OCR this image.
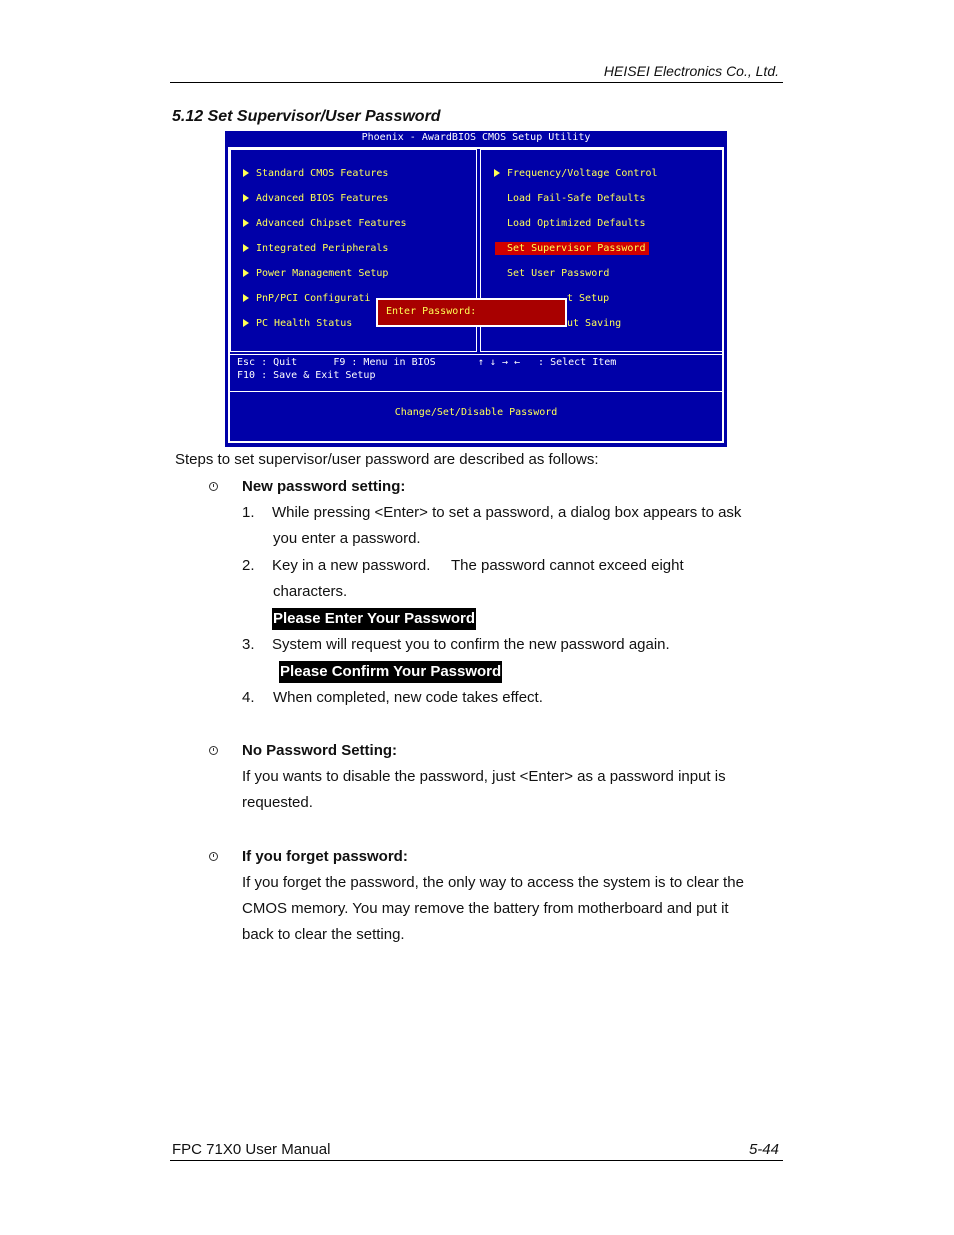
HEISEI Electronics Co., Ltd.
5.12 Set Supervisor/User Password
Phoenix - AwardBIOS CMOS Setup Utility
Standard CMOS Features
Advanced BIOS Features
Advanced Chipset Features
Integrated Peripherals
Power Management Setup
PnP/PCI Configurati
PC Health Status
Frequency/Voltage Control
Load Fail-Safe Defaults
Load Optimized Defaults
Set Supervisor Password
Set User Password
t Setup
ut Saving
Enter Password:
Esc : Quit      F9 : Menu in BIOS       ↑ ↓ → ←   : Select Item
F10 : Save & Exit Setup
Change/Set/Disable Password
Steps to set supervisor/user password are described as follows:
New password setting:
1. While pressing <Enter> to set a password, a dialog box appears to ask
you enter a password.
2. Key in a new password.     The password cannot exceed eight
characters.
Please Enter Your Password
3. System will request you to confirm the new password again.
Please Confirm Your Password
4. When completed, new code takes effect.
No Password Setting:
If you wants to disable the password, just <Enter> as a password input is
requested.
If you forget password:
If you forget the password, the only way to access the system is to clear the
CMOS memory. You may remove the battery from motherboard and put it
back to clear the setting.
FPC 71X0 User Manual	5-44
